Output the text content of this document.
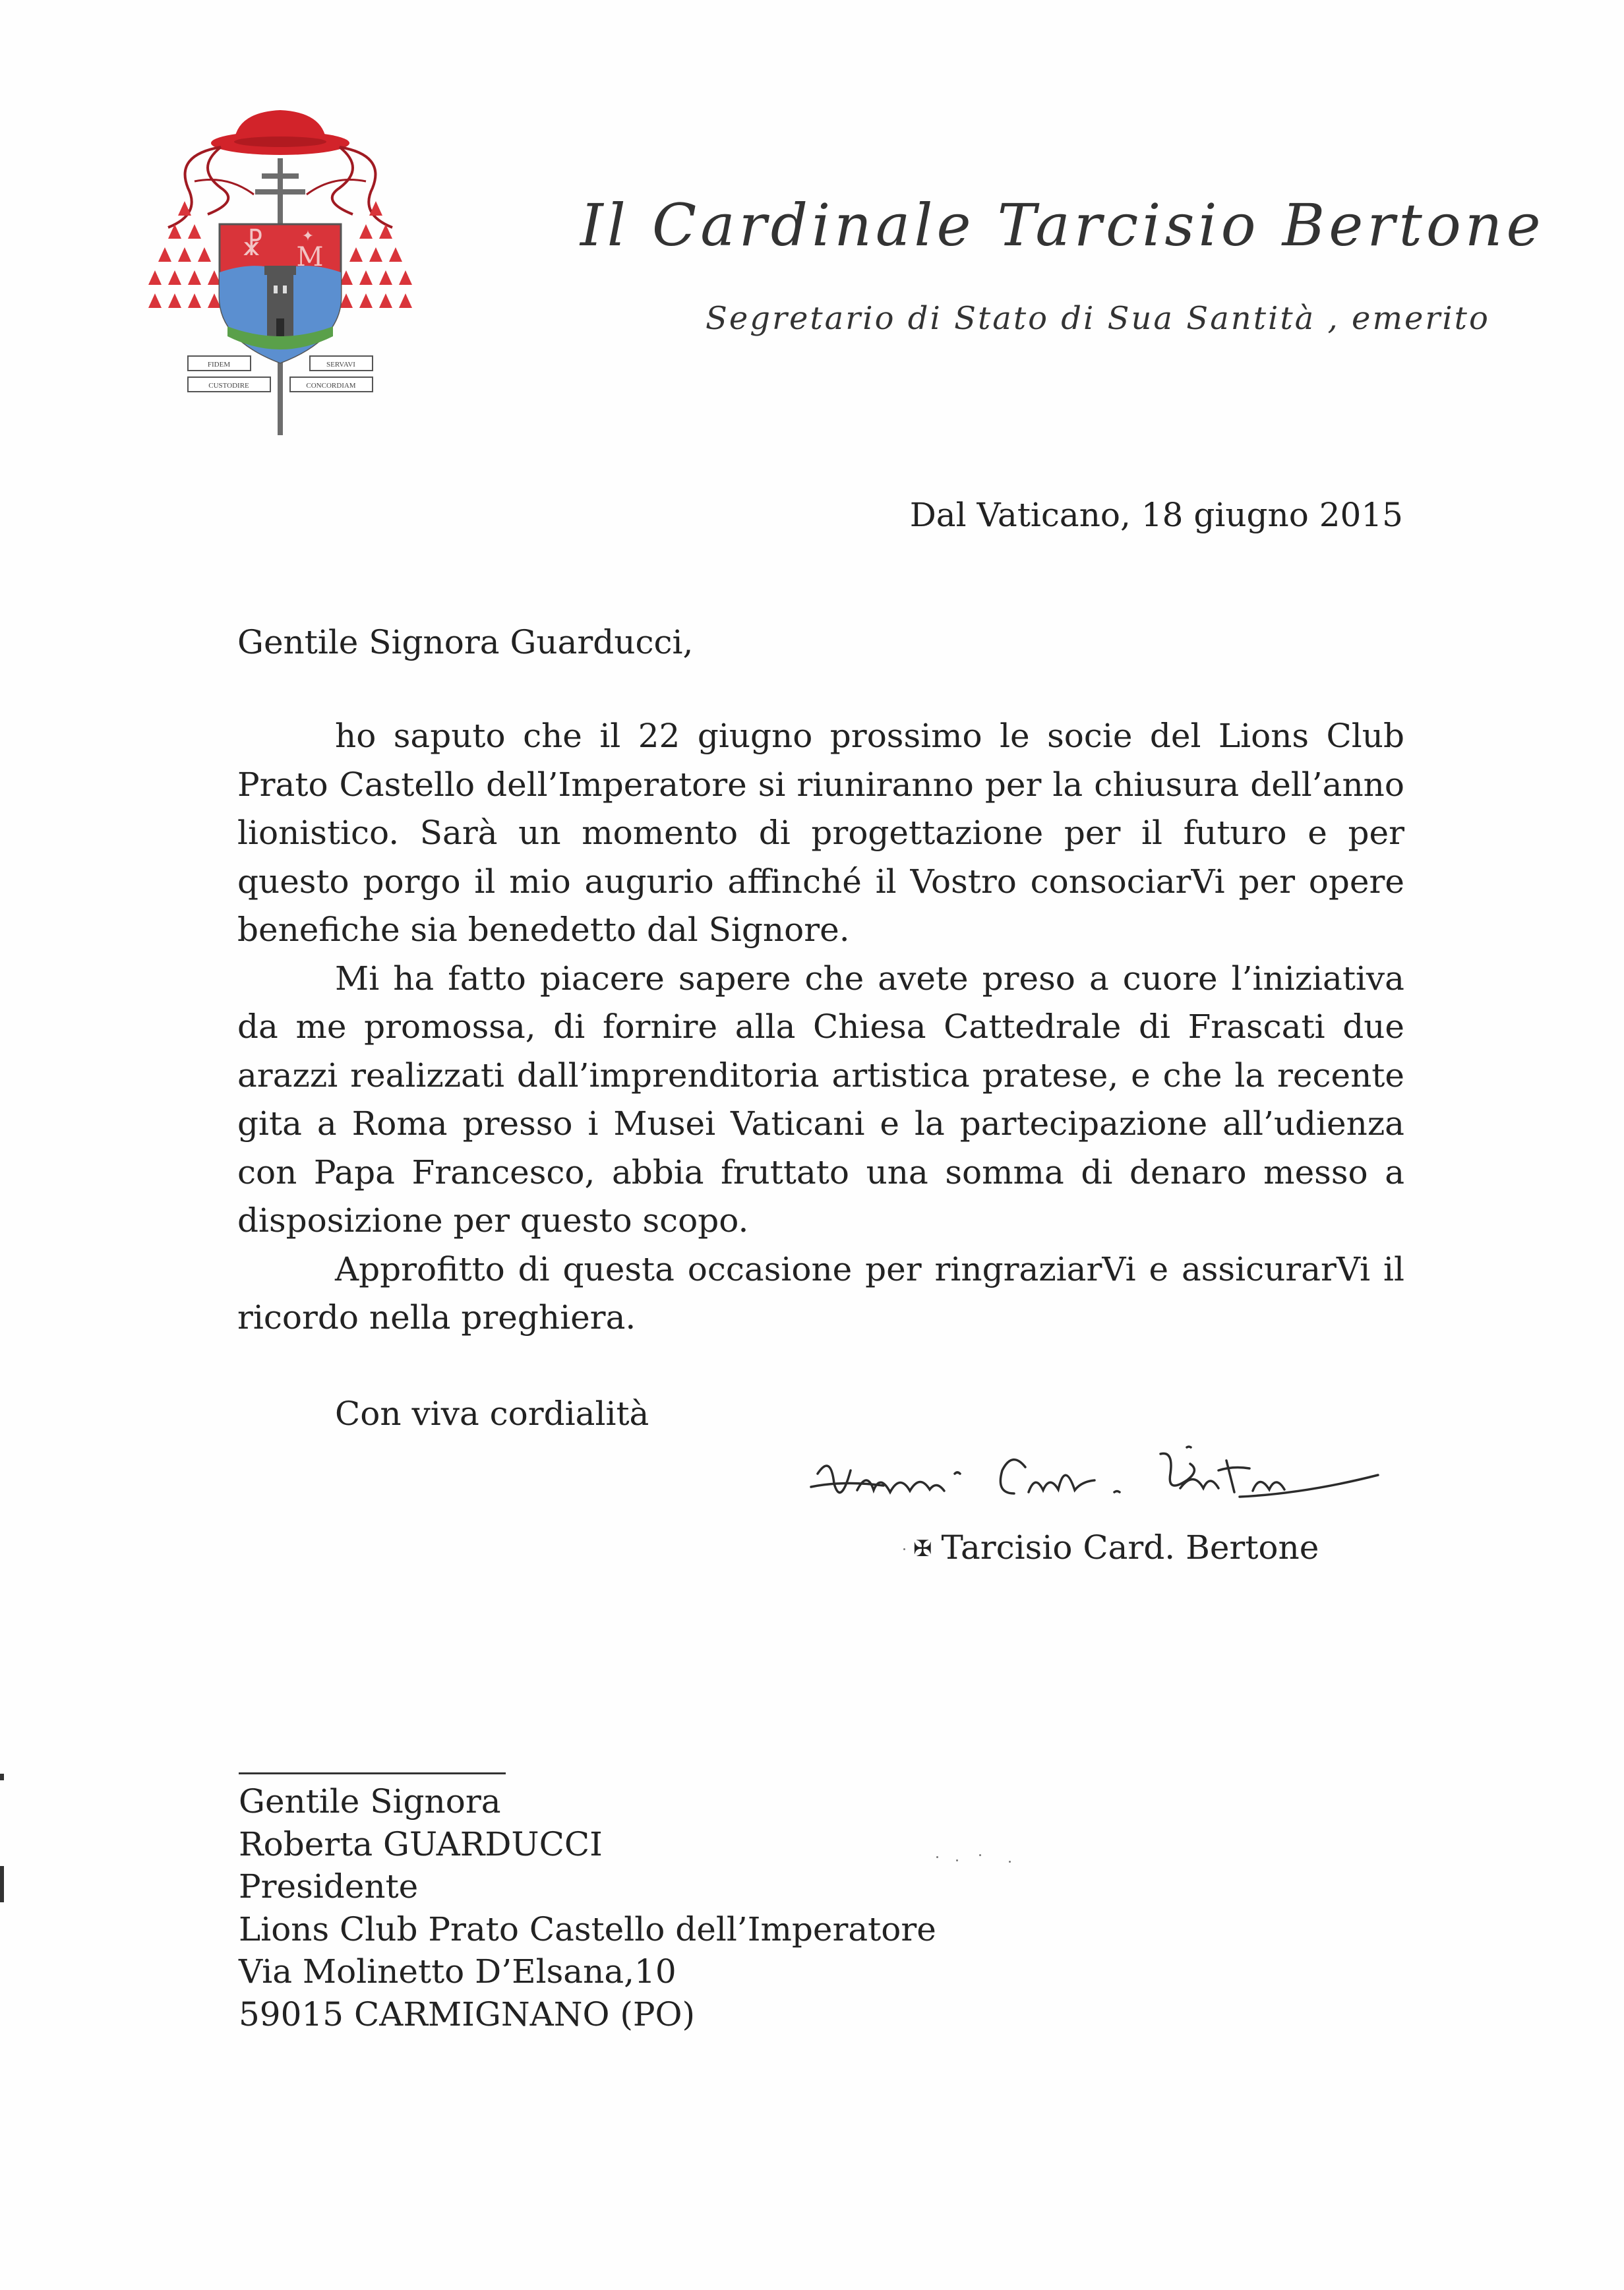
☧	✦
M
FIDEM	SERVAVI
CUSTODIRE	CONCORDIAM
Il Cardinale Tarcisio Bertone
Segretario di Stato di Sua Santità , emerito
Dal Vaticano, 18 giugno 2015
Gentile Signora Guarducci,

ho saputo che il 22 giugno prossimo le socie del Lions Club Prato Castello dell’Imperatore si riuniranno per la chiusura dell’anno lionistico. Sarà un momento di progettazione per il futuro e per questo porgo il mio augurio affinché il Vostro consociarVi per opere benefiche sia benedetto dal Signore.

Mi ha fatto piacere sapere che avete preso a cuore l’iniziativa da me promossa, di fornire alla Chiesa Cattedrale di Frascati due arazzi realizzati dall’imprenditoria artistica pratese, e che la recente gita a Roma presso i Musei Vaticani e la partecipazione all’udienza con Papa Francesco, abbia fruttato una somma di denaro messo a disposizione per questo scopo.

Approfitto di questa occasione per ringraziarVi e assicurarVi il ricordo nella preghiera.

Con viva cordialità
✠ Tarcisio Card. Bertone
Gentile Signora
Roberta GUARDUCCI
Presidente
Lions Club Prato Castello dell’Imperatore
Via Molinetto D’Elsana,10
59015 CARMIGNANO (PO)
